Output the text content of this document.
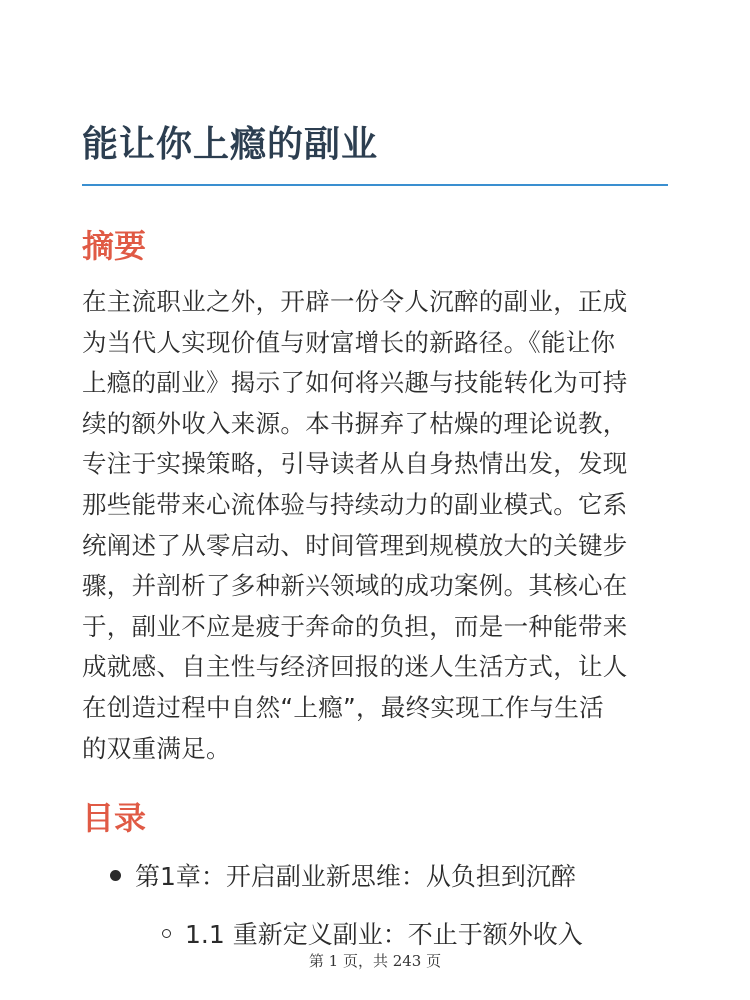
能让你上瘾的副业
摘要

在主流职业之外，开辟一份令人沉醉的副业，正成
为当代人实现价值与财富增长的新路径。《能让你
上瘾的副业》揭示了如何将兴趣与技能转化为可持
续的额外收入来源。本书摒弃了枯燥的理论说教，
专注于实操策略，引导读者从自身热情出发，发现
那些能带来心流体验与持续动力的副业模式。它系
统阐述了从零启动、时间管理到规模放大的关键步
骤，并剖析了多种新兴领域的成功案例。其核心在
于，副业不应是疲于奔命的负担，而是一种能带来
成就感、自主性与经济回报的迷人生活方式，让人
在创造过程中自然“上瘾”，最终实现工作与生活
的双重满足。

目录
第1章：开启副业新思维：从负担到沉醉
1.1 重新定义副业：不止于额外收入
第 1 页，共 243 页
